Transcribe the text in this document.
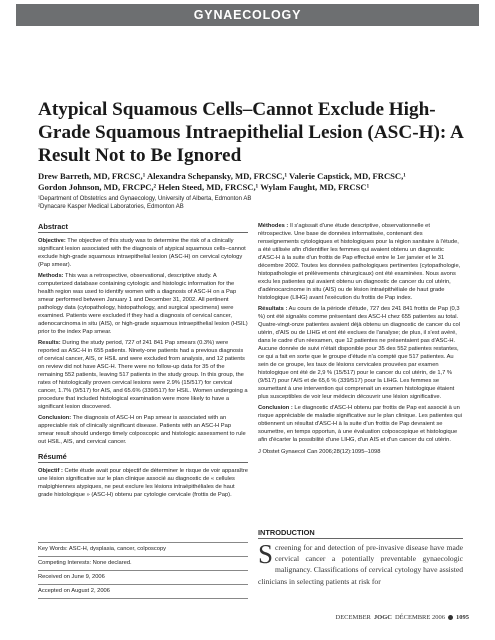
GYNAECOLOGY
Atypical Squamous Cells–Cannot Exclude High-Grade Squamous Intraepithelial Lesion (ASC-H): A Result Not to Be Ignored
Drew Barreth, MD, FRCSC,¹ Alexandra Schepansky, MD, FRCSC,¹ Valerie Capstick, MD, FRCSC,¹
Gordon Johnson, MD, FRCPC,² Helen Steed, MD, FRCSC,¹ Wylam Faught, MD, FRCSC¹
¹Department of Obstetrics and Gynaecology, University of Alberta, Edmonton AB
²Dynacare Kasper Medical Laboratories, Edmonton AB
Abstract

Objective: The objective of this study was to determine the risk of a clinically significant lesion associated with the diagnosis of atypical squamous cells–cannot exclude high-grade squamous intraepithelial lesion (ASC-H) on cervical cytology (Pap smear).

Methods: This was a retrospective, observational, descriptive study. A computerized database containing cytologic and histologic information for the health region was used to identify women with a diagnosis of ASC-H on a Pap smear performed between January 1 and December 31, 2002. All pertinent pathology data (cytopathology, histopathology, and surgical specimens) were examined. Patients were excluded if they had a diagnosis of cervical cancer, adenocarcinoma in situ (AIS), or high-grade squamous intraepithelial lesion (HSIL) prior to the index Pap smear.

Results: During the study period, 727 of 241 841 Pap smears (0.3%) were reported as ASC-H in 655 patients. Ninety-one patients had a previous diagnosis of cervical cancer, AIS, or HSIL and were excluded from analysis, and 12 patients on review did not have ASC-H. There were no follow-up data for 35 of the remaining 552 patients, leaving 517 patients in the study group. In this group, the rates of histologically proven cervical lesions were 2.9% (15/517) for cervical cancer, 1.7% (9/517) for AIS, and 65.6% (339/517) for HSIL. Women undergoing a procedure that included histological examination were more likely to have a significant lesion discovered.

Conclusion: The diagnosis of ASC-H on Pap smear is associated with an appreciable risk of clinically significant disease. Patients with an ASC-H Pap smear result should undergo timely colposcopic and histologic assessment to rule out HSIL, AIS, and cervical cancer.

Résumé

Objectif : Cette étude avait pour objectif de déterminer le risque de voir apparaître une lésion significative sur le plan clinique associé au diagnostic de « cellules malpighiennes atypiques, ne peut exclure les lésions intraépithéliales de haut grade histologique » (ASC-H) obtenu par cytologie cervicale (frottis de Pap).

Méthodes : Il s'agissait d'une étude descriptive, observationnelle et rétrospective. Une base de données informatisée, contenant des renseignements cytologiques et histologiques pour la région sanitaire à l'étude, a été utilisée afin d'identifier les femmes qui avaient obtenu un diagnostic d'ASC-H à la suite d'un frottis de Pap effectué entre le 1er janvier et le 31 décembre 2002. Toutes les données pathologiques pertinentes (cytopathologie, histopathologie et prélèvements chirurgicaux) ont été examinées. Nous avons exclu les patientes qui avaient obtenu un diagnostic de cancer du col utérin, d'adénocarcinome in situ (AIS) ou de lésion intraépithéliale de haut grade histologique (LIHG) avant l'exécution du frottis de Pap index.

Résultats : Au cours de la période d'étude, 727 des 241 841 frottis de Pap (0,3 %) ont été signalés comme présentant des ASC-H chez 655 patientes au total. Quatre-vingt-onze patientes avaient déjà obtenu un diagnostic de cancer du col utérin, d'AIS ou de LIHG et ont été exclues de l'analyse; de plus, il s'est avéré, dans le cadre d'un réexamen, que 12 patientes ne présentaient pas d'ASC-H. Aucune donnée de suivi n'était disponible pour 35 des 552 patientes restantes, ce qui a fait en sorte que le groupe d'étude n'a compté que 517 patientes. Au sein de ce groupe, les taux de lésions cervicales prouvées par examen histologique ont été de 2,9 % (15/517) pour le cancer du col utérin, de 1,7 % (9/517) pour l'AIS et de 65,6 % (339/517) pour la LIHG. Les femmes se soumettant à une intervention qui comprenait un examen histologique étaient plus susceptibles de voir leur médecin découvrir une lésion significative.

Conclusion : Le diagnostic d'ASC-H obtenu par frottis de Pap est associé à un risque appréciable de maladie significative sur le plan clinique. Les patientes qui obtiennent un résultat d'ASC-H à la suite d'un frottis de Pap devraient se soumettre, en temps opportun, à une évaluation colposcopique et histologique afin d'écarter la possibilité d'une LIHG, d'un AIS et d'un cancer du col utérin.

J Obstet Gynaecol Can 2006;28(12):1095–1098

Key Words: ASC-H, dysplasia, cancer, colposcopy
Competing Interests: None declared.
Received on June 9, 2006
Accepted on August 2, 2006
INTRODUCTION
Screening for and detection of pre-invasive disease have made cervical cancer a potentially preventable gynaecologic malignancy. Classifications of cervical cytology have assisted clinicians in selecting patients at risk for
DECEMBER JOGC DÉCEMBRE 2006 1095
